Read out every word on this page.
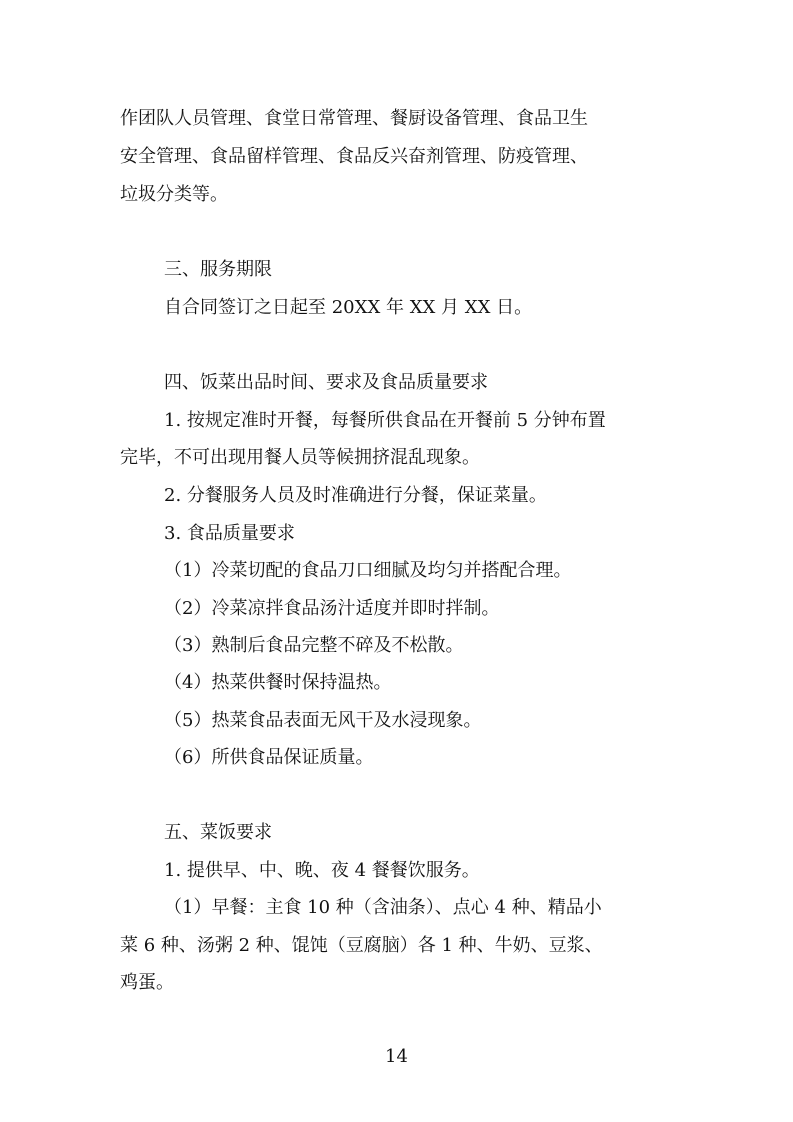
作团队人员管理、食堂日常管理、餐厨设备管理、食品卫生
安全管理、食品留样管理、食品反兴奋剂管理、防疫管理、
垃圾分类等。
三、服务期限
自合同签订之日起至 20XX 年 XX 月 XX 日。
四、饭菜出品时间、要求及食品质量要求
1. 按规定准时开餐，每餐所供食品在开餐前 5 分钟布置
完毕，不可出现用餐人员等候拥挤混乱现象。
2. 分餐服务人员及时准确进行分餐，保证菜量。
3. 食品质量要求
（1）冷菜切配的食品刀口细腻及均匀并搭配合理。
（2）冷菜凉拌食品汤汁适度并即时拌制。
（3）熟制后食品完整不碎及不松散。
（4）热菜供餐时保持温热。
（5）热菜食品表面无风干及水浸现象。
（6）所供食品保证质量。
五、菜饭要求
1. 提供早、中、晚、夜 4 餐餐饮服务。
（1）早餐：主食 10 种（含油条）、点心 4 种、精品小
菜 6 种、汤粥 2 种、馄饨（豆腐脑）各 1 种、牛奶、豆浆、
鸡蛋。
14
